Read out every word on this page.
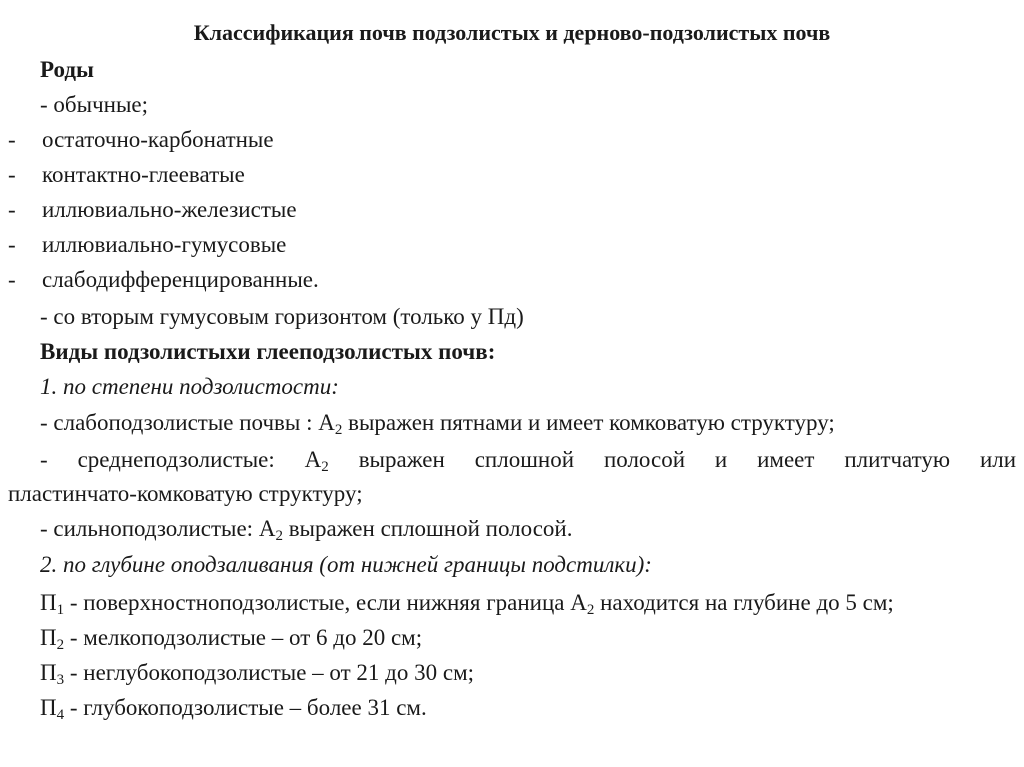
Классификация почв подзолистых и дерново-подзолистых почв
Роды
- обычные;
- остаточно-карбонатные
- контактно-глееватые
- иллювиально-железистые
- иллювиально-гумусовые
- слабодифференцированные.
- со вторым гумусовым горизонтом (только у Пд)
Виды подзолистыхи глееподзолистых почв:
1. по степени подзолистости:
- слабоподзолистые почвы : $А_2$ выражен пятнами и имеет комковатую структуру;
- среднеподзолистые: $А_2$ выражен сплошной полосой и имеет плитчатую или
пластинчато-комковатую структуру;
- сильноподзолистые: $А_2$ выражен сплошной полосой.
2. по глубине оподзаливания (от нижней границы подстилки):
$П_1$ - поверхностноподзолистые, если нижняя граница $А_2$ находится на глубине до 5 см;
$П_2$ - мелкоподзолистые – от 6 до 20 см;
$П_3$ - неглубокоподзолистые – от 21 до 30 см;
$П_4$ - глубокоподзолистые – более 31 см.
